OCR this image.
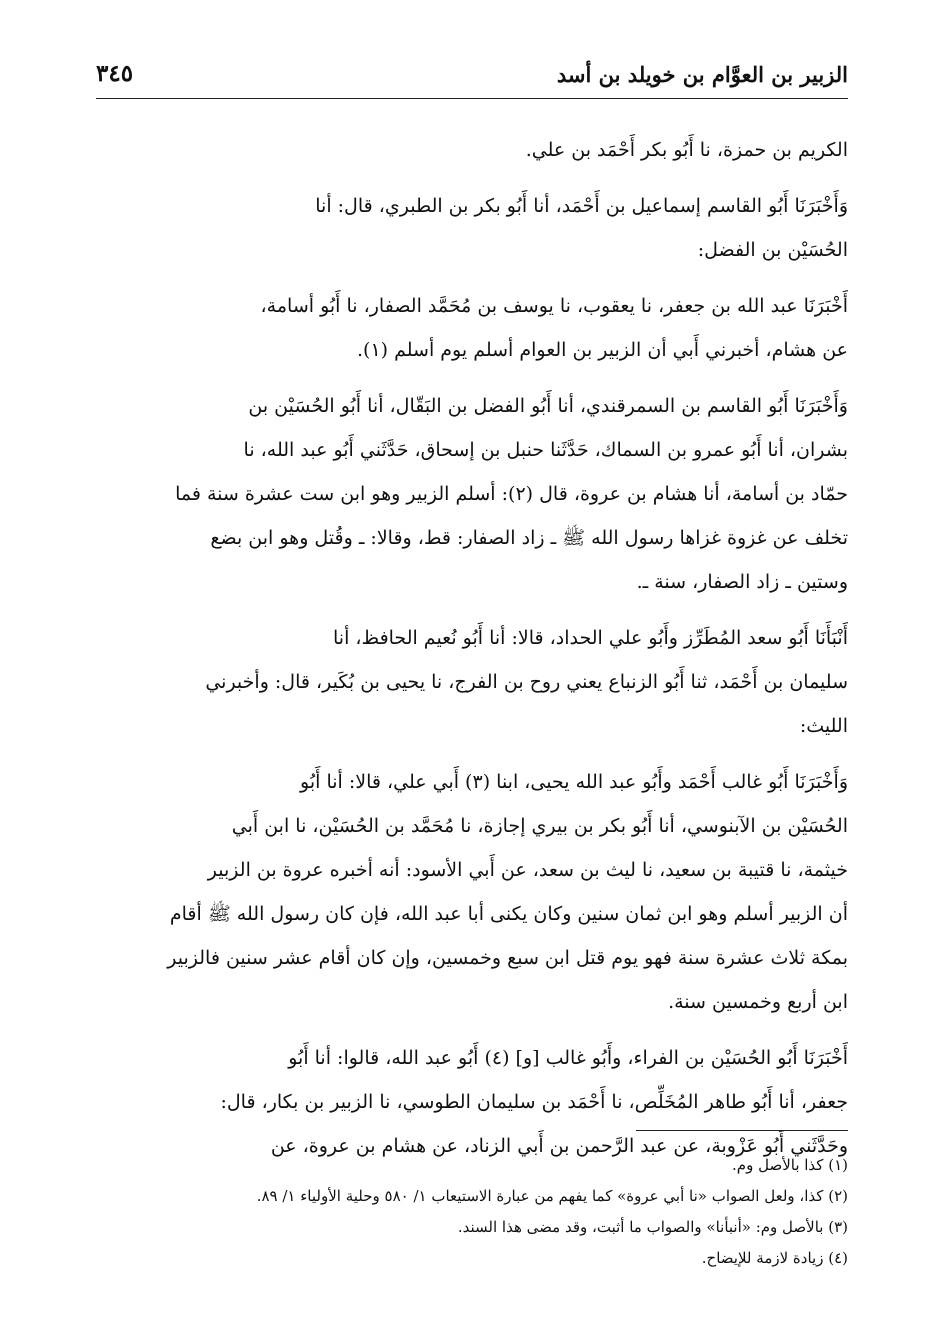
الزبير بن العوَّام بن خويلد بن أسد
٣٤٥
الكريم بن حمزة، نا أَبُو بكر أَحْمَد بن علي.
وَأَخْبَرَنَا أَبُو القاسم إسماعيل بن أَحْمَد، أنا أَبُو بكر بن الطبري، قال: أنا
الحُسَيْن بن الفضل:
أَخْبَرَنَا عبد الله بن جعفر، نا يعقوب، نا يوسف بن مُحَمَّد الصفار، نا أَبُو أسامة،
عن هشام، أخبرني أَبي أن الزبير بن العوام أسلم يوم أسلم (١).
وَأَخْبَرَنَا أَبُو القاسم بن السمرقندي، أنا أَبُو الفضل بن البَقّال، أنا أَبُو الحُسَيْن بن
بشران، أنا أَبُو عمرو بن السماك، حَدَّثَنا حنبل بن إسحاق، حَدَّثَني أَبُو عبد الله، نا
حمّاد بن أسامة، أنا هشام بن عروة، قال (٢): أسلم الزبير وهو ابن ست عشرة سنة فما
تخلف عن غزوة غزاها رسول الله ﷺ ـ زاد الصفار: قط، وقالا: ـ وقُتل وهو ابن بضع
وستين ـ زاد الصفار، سنة ـ.
أَنْبَأَنَا أَبُو سعد المُطَرِّز وأَبُو علي الحداد، قالا: أنا أَبُو نُعيم الحافظ، أنا
سليمان بن أَحْمَد، ثنا أَبُو الزنباع يعني روح بن الفرج، نا يحيى بن بُكَير، قال: وأخبرني
الليث:
وَأَخْبَرَنَا أَبُو غالب أَحْمَد وأَبُو عبد الله يحيى، ابنا (٣) أَبي علي، قالا: أنا أَبُو
الحُسَيْن بن الآبنوسي، أنا أَبُو بكر بن بيري إجازة، نا مُحَمَّد بن الحُسَيْن، نا ابن أَبي
خيثمة، نا قتيبة بن سعيد، نا ليث بن سعد، عن أَبي الأسود: أنه أخبره عروة بن الزبير
أن الزبير أسلم وهو ابن ثمان سنين وكان يكنى أبا عبد الله، فإن كان رسول الله ﷺ أقام
بمكة ثلاث عشرة سنة فهو يوم قتل ابن سبع وخمسين، وإن كان أقام عشر سنين فالزبير
ابن أربع وخمسين سنة.
أَخْبَرَنَا أَبُو الحُسَيْن بن الفراء، وأَبُو غالب [و] (٤) أَبُو عبد الله، قالوا: أنا أَبُو
جعفر، أنا أَبُو طاهر المُخَلِّص، نا أَحْمَد بن سليمان الطوسي، نا الزبير بن بكار، قال:
وحَدَّثَني أَبُو عَزْوبة، عن عبد الرَّحمن بن أَبي الزناد، عن هشام بن عروة، عن
(١) كذا بالأصل وم.
(٢) كذا، ولعل الصواب «نا أبي عروة» كما يفهم من عبارة الاستيعاب ١/ ٥٨٠ وحلية الأولياء ١/ ٨٩.
(٣) بالأصل وم: «أنبأنا» والصواب ما أثبت، وقد مضى هذا السند.
(٤) زيادة لازمة للإيضاح.
